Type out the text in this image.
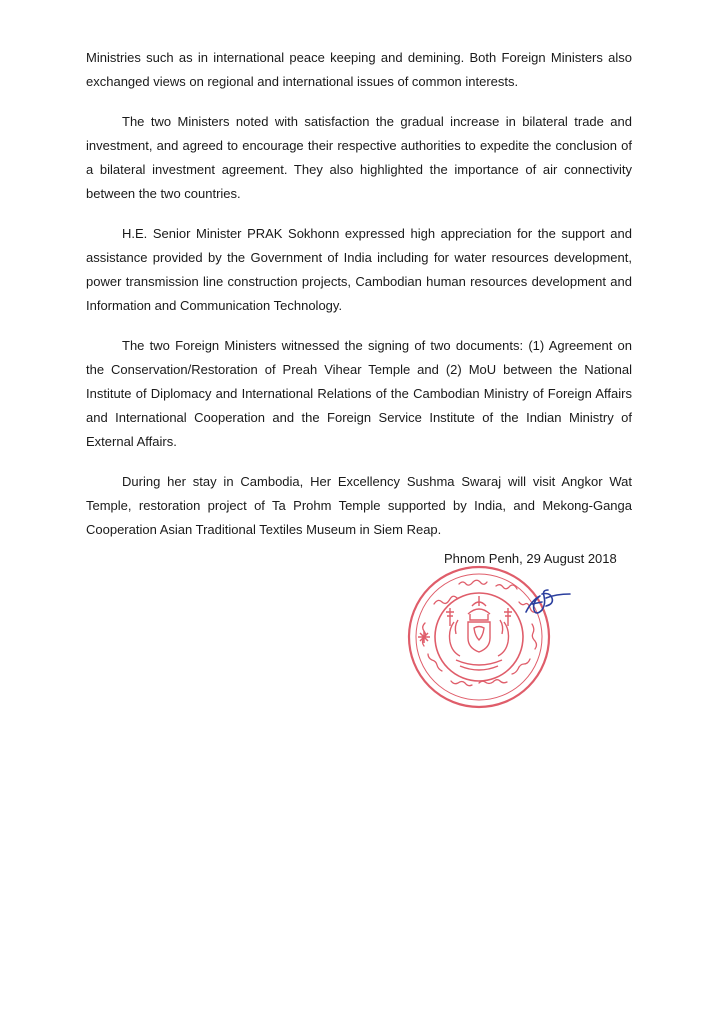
Ministries such as in international peace keeping and demining. Both Foreign Ministers also exchanged views on regional and international issues of common interests.

The two Ministers noted with satisfaction the gradual increase in bilateral trade and investment, and agreed to encourage their respective authorities to expedite the conclusion of a bilateral investment agreement. They also highlighted the importance of air connectivity between the two countries.

H.E. Senior Minister PRAK Sokhonn expressed high appreciation for the support and assistance provided by the Government of India including for water resources development, power transmission line construction projects, Cambodian human resources development and Information and Communication Technology.

The two Foreign Ministers witnessed the signing of two documents: (1) Agreement on the Conservation/Restoration of Preah Vihear Temple and (2) MoU between the National Institute of Diplomacy and International Relations of the Cambodian Ministry of Foreign Affairs and International Cooperation and the Foreign Service Institute of the Indian Ministry of External Affairs.

During her stay in Cambodia, Her Excellency Sushma Swaraj will visit Angkor Wat Temple, restoration project of Ta Prohm Temple supported by India, and Mekong-Ganga Cooperation Asian Traditional Textiles Museum in Siem Reap.

Phnom Penh, 29 August 2018
